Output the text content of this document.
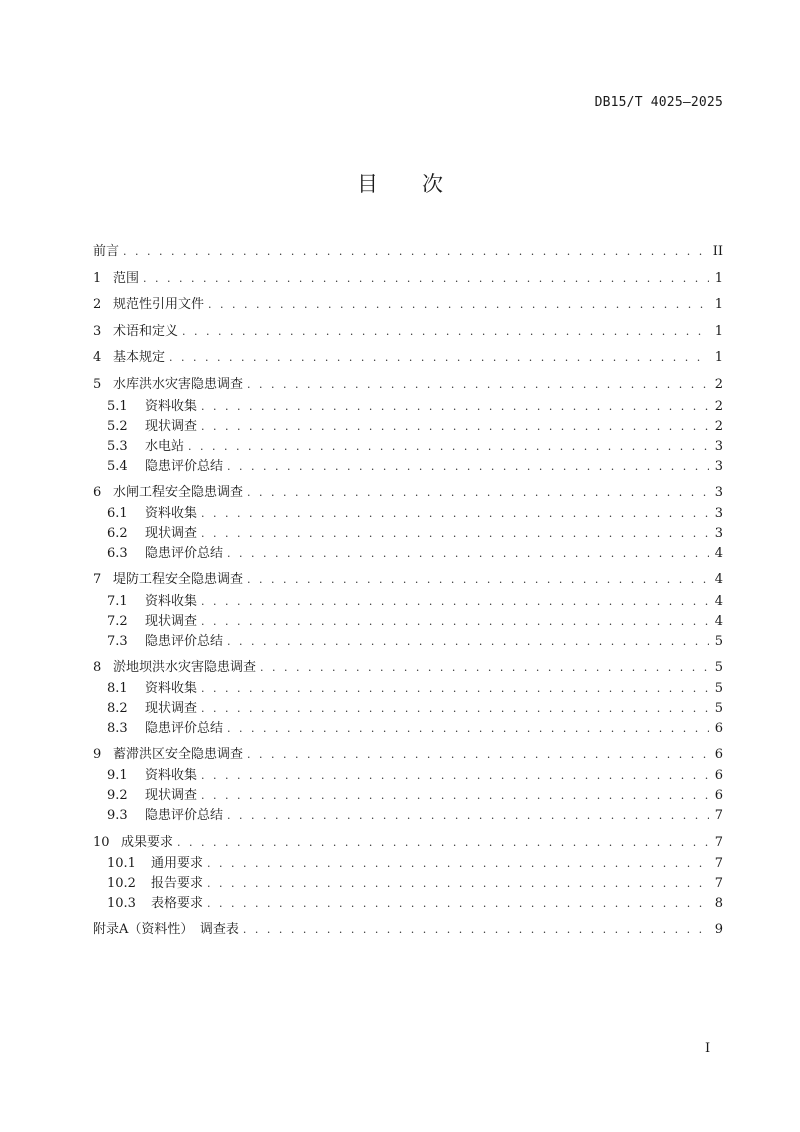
DB15/T 4025—2025
目 次
前言 . . .	II
1 范围 . . .	1
2 规范性引用文件 . . .	1
3 术语和定义 . . .	1
4 基本规定 . . .	1
5 水库洪水灾害隐患调查 . . .	2
5.1	资料收集 . . .	2
5.2	现状调查 . . .	2
5.3	水电站 . . .	3
5.4	隐患评价总结 . . .	3
6 水闸工程安全隐患调查 . . .	3
6.1	资料收集 . . .	3
6.2	现状调查 . . .	3
6.3	隐患评价总结 . . .	4
7 堤防工程安全隐患调查 . . .	4
7.1	资料收集 . . .	4
7.2	现状调查 . . .	4
7.3	隐患评价总结 . . .	5
8 淤地坝洪水灾害隐患调查 . . .	5
8.1	资料收集 . . .	5
8.2	现状调查 . . .	5
8.3	隐患评价总结 . . .	6
9 蓄滞洪区安全隐患调查 . . .	6
9.1	资料收集 . . .	6
9.2	现状调查 . . .	6
9.3	隐患评价总结 . . .	7
10 成果要求 . . .	7
10.1	通用要求 . . .	7
10.2	报告要求 . . .	7
10.3	表格要求 . . .	8
附录A（资料性）　调查表 . . .	9
I
